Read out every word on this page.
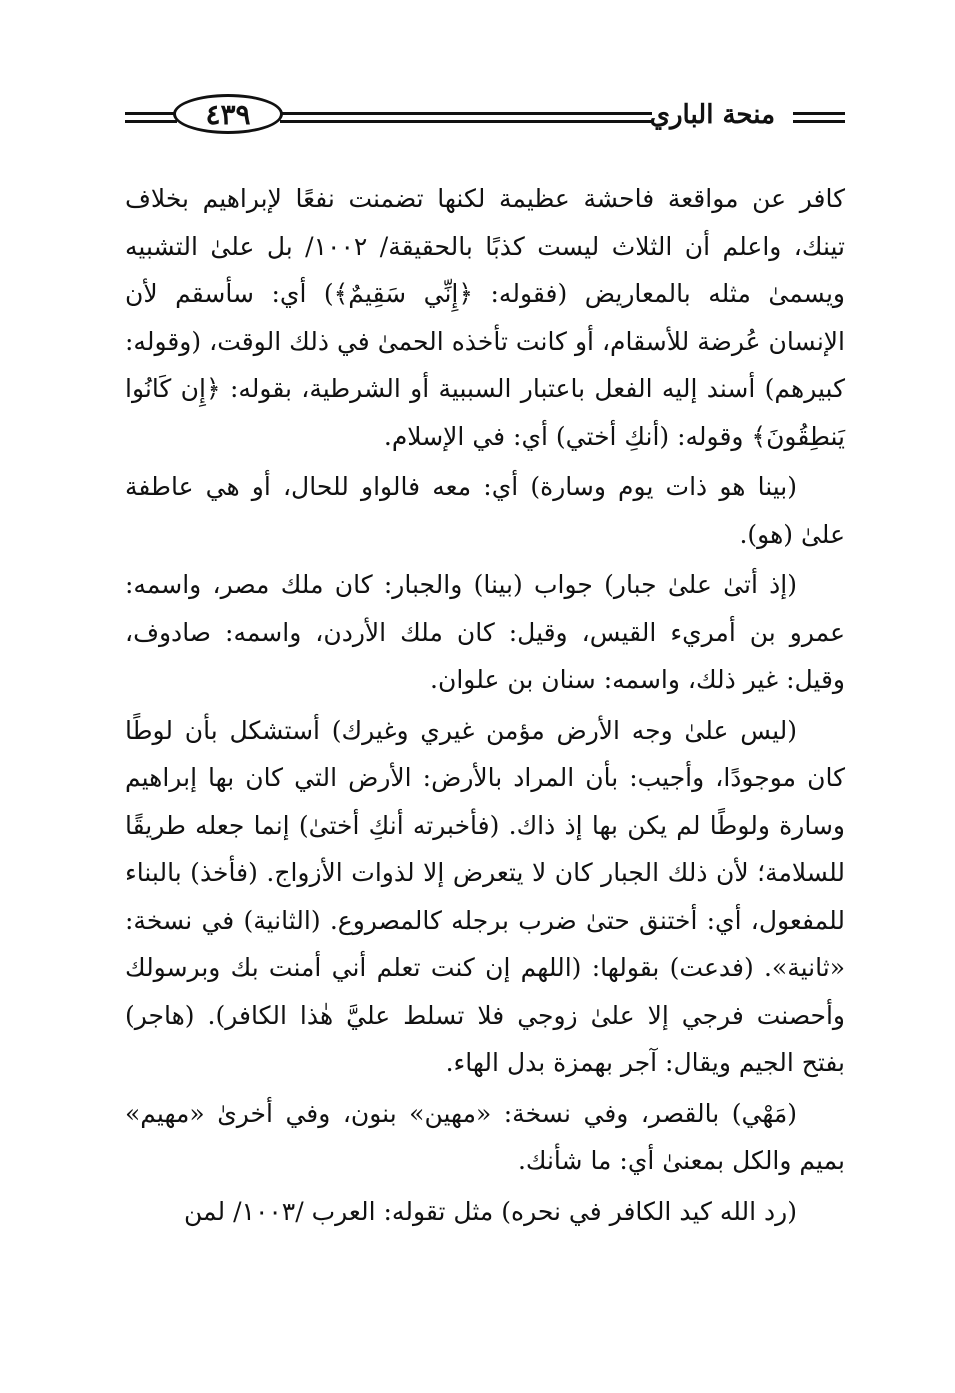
٤٣٩	منحة الباري

كافر عن مواقعة فاحشة عظيمة لكنها تضمنت نفعًا لإبراهيم بخلاف تينك، واعلم أن الثلاث ليست كذبًا بالحقيقة/ ١٠٠٢/ بل علىٰ التشبيه ويسمىٰ مثله بالمعاريض (فقوله: ﴿إِنِّي سَقِيمٌ﴾) أي: سأسقم لأن الإنسان عُرضة للأسقام، أو كانت تأخذه الحمىٰ في ذلك الوقت، (وقوله: كبيرهم) أسند إليه الفعل باعتبار السببية أو الشرطية، بقوله: ﴿إِن كَانُوا يَنطِقُونَ﴾ وقوله: (أنكِ أختي) أي: في الإسلام.

(بينا هو ذات يوم وسارة) أي: معه فالواو للحال، أو هي عاطفة علىٰ (هو).

(إذ أتىٰ علىٰ جبار) جواب (بينا) والجبار: كان ملك مصر، واسمه: عمرو بن أمريء القيس، وقيل: كان ملك الأردن، واسمه: صادوف، وقيل: غير ذلك، واسمه: سنان بن علوان.

(ليس علىٰ وجه الأرض مؤمن غيري وغيرك) أستشكل بأن لوطًا كان موجودًا، وأجيب: بأن المراد بالأرض: الأرض التي كان بها إبراهيم وسارة ولوطًا لم يكن بها إذ ذاك. (فأخبرته أنكِ أختىٰ) إنما جعله طريقًا للسلامة؛ لأن ذلك الجبار كان لا يتعرض إلا لذوات الأزواج. (فأخذ) بالبناء للمفعول، أي: أختنق حتىٰ ضرب برجله كالمصروع. (الثانية) في نسخة: «ثانية». (فدعت) بقولها: (اللهم إن كنت تعلم أني أمنت بك وبرسولك وأحصنت فرجي إلا علىٰ زوجي فلا تسلط عليَّ هٰذا الكافر). (هاجر) بفتح الجيم ويقال: آجر بهمزة بدل الهاء.

(مَهْي) بالقصر، وفي نسخة: «مهين» بنون، وفي أخرىٰ «مهيم» بميم والكل بمعنىٰ أي: ما شأنك.

(رد الله كيد الكافر في نحره) مثل تقوله: العرب /١٠٠٣/ لمن
